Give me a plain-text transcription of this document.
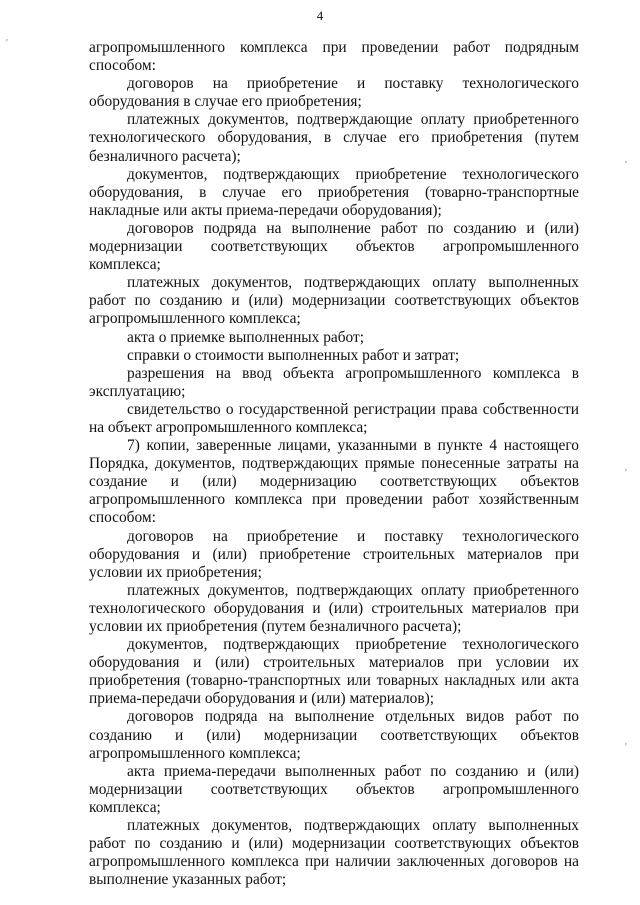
4
'
'
'
'

агропромышленного комплекса при проведении работ подрядным способом:

договоров на приобретение и поставку технологического оборудования в случае его приобретения;

платежных документов, подтверждающие оплату приобретенного технологического оборудования, в случае его приобретения (путем безналичного расчета);

документов, подтверждающих приобретение технологического оборудования, в случае его приобретения (товарно-транспортные накладные или акты приема-передачи оборудования);

договоров подряда на выполнение работ по созданию и (или) модернизации соответствующих объектов агропромышленного комплекса;

платежных документов, подтверждающих оплату выполненных работ по созданию и (или) модернизации соответствующих объектов агропромышленного комплекса;

акта о приемке выполненных работ;

справки о стоимости выполненных работ и затрат;

разрешения на ввод объекта агропромышленного комплекса в эксплуатацию;

свидетельство о государственной регистрации права собственности на объект агропромышленного комплекса;

7) копии, заверенные лицами, указанными в пункте 4 настоящего Порядка, документов, подтверждающих прямые понесенные затраты на создание и (или) модернизацию соответствующих объектов агропромышленного комплекса при проведении работ хозяйственным способом:

договоров на приобретение и поставку технологического оборудования и (или) приобретение строительных материалов при условии их приобретения;

платежных документов, подтверждающих оплату приобретенного технологического оборудования и (или) строительных материалов при условии их приобретения (путем безналичного расчета);

документов, подтверждающих приобретение технологического оборудования и (или) строительных материалов при условии их приобретения (товарно-транспортных или товарных накладных или акта приема-передачи оборудования и (или) материалов);

договоров подряда на выполнение отдельных видов работ по созданию и (или) модернизации соответствующих объектов агропромышленного комплекса;

акта приема-передачи выполненных работ по созданию и (или) модернизации соответствующих объектов агропромышленного комплекса;

платежных документов, подтверждающих оплату выполненных работ по созданию и (или) модернизации соответствующих объектов агропромышленного комплекса при наличии заключенных договоров на выполнение указанных работ;
